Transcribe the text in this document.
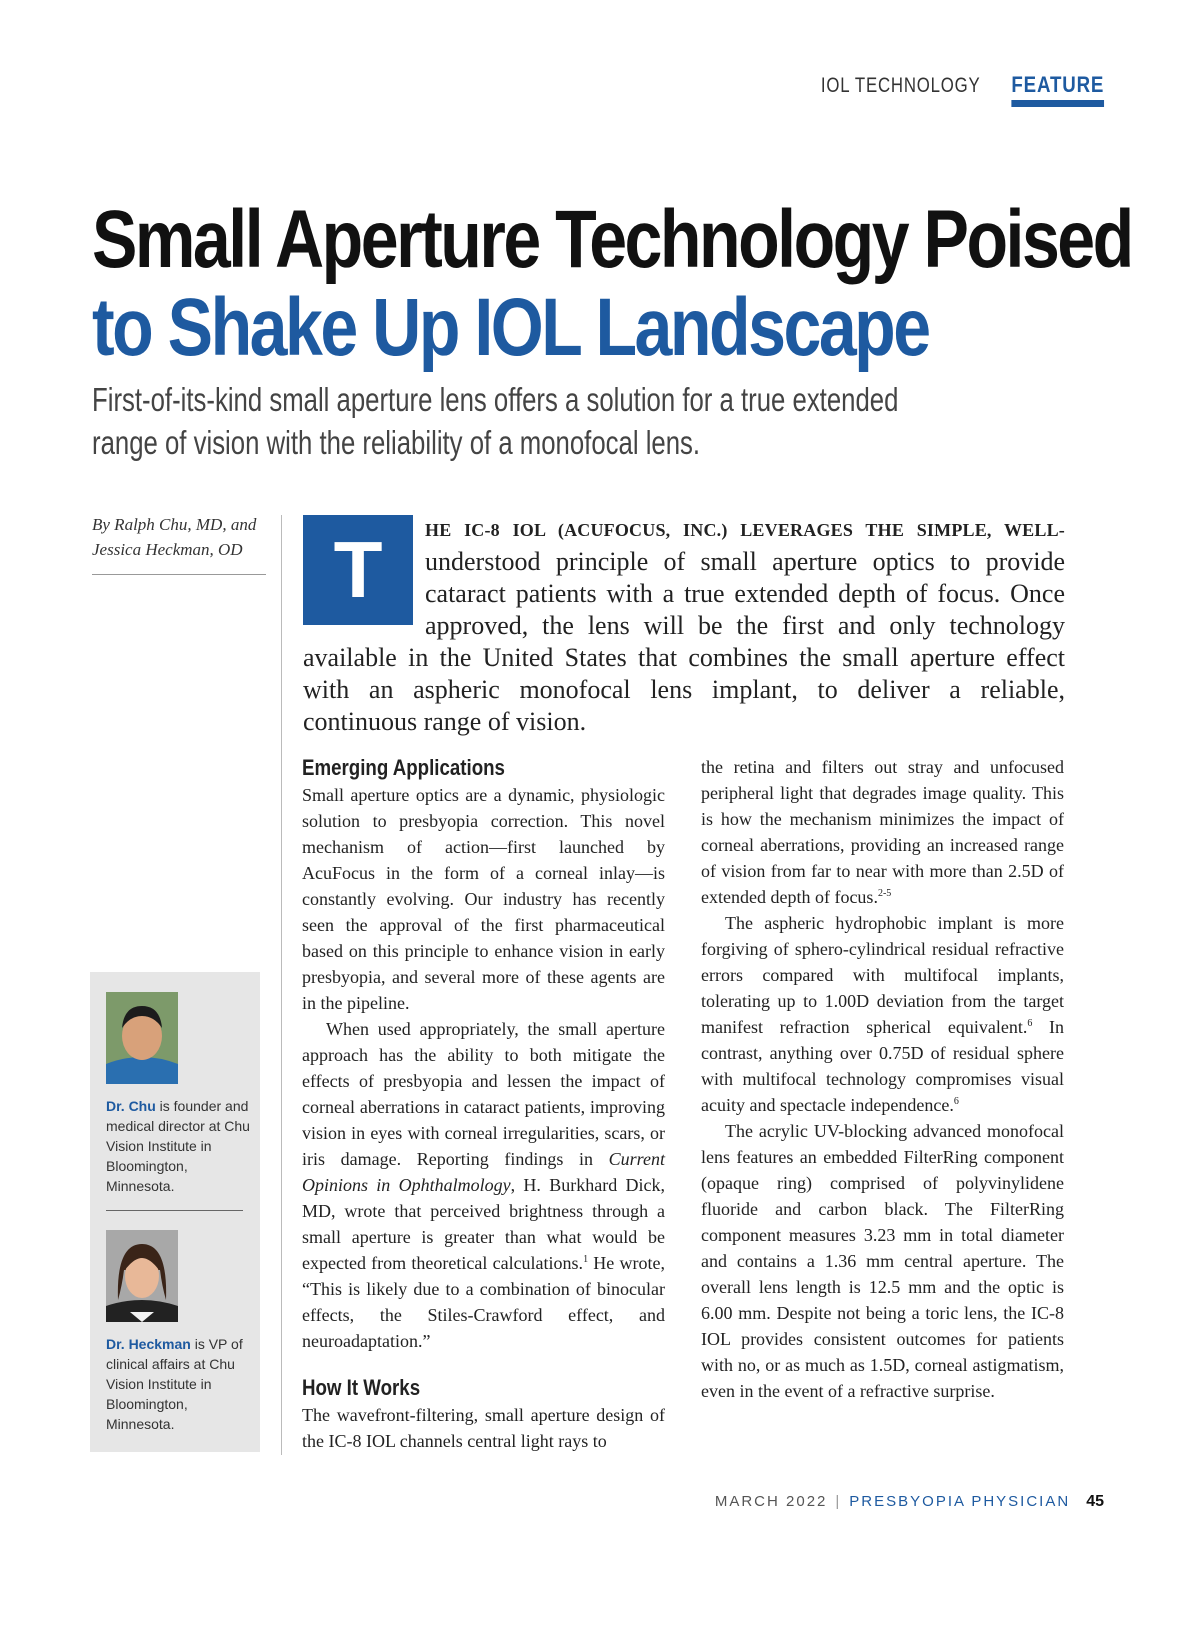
IOL TECHNOLOGY FEATURE
Small Aperture Technology Poised
to Shake Up IOL Landscape

First-of-its-kind small aperture lens offers a solution for a true extended range of vision with the reliability of a monofocal lens.

By Ralph Chu, MD, and
Jessica Heckman, OD	T	HE IC-8 IOL (ACUFOCUS, INC.) LEVERAGES THE SIMPLE, WELL- understood principle of small aperture optics to provide cataract patients with a true extended depth of focus. Once approved, the lens will be the first and only technology available in the United States that combines the small aperture effect with an aspheric monofocal lens implant, to deliver a reliable, continuous range of vision.

Emerging Applications

Small aperture optics are a dynamic, physiologic solution to presbyopia correction. This novel mechanism of action—first launched by AcuFocus in the form of a corneal inlay—is constantly evolving. Our industry has recently seen the approval of the first pharmaceutical based on this principle to enhance vision in early presbyopia, and several more of these agents are in the pipeline.

When used appropriately, the small aperture approach has the ability to both mitigate the effects of presbyopia and lessen the impact of corneal aberrations in cataract patients, improving vision in eyes with corneal irregularities, scars, or iris damage. Reporting findings in Current Opinions in Ophthalmology, H. Burkhard Dick, MD, wrote that perceived brightness through a small aperture is greater than what would be expected from theoretical calculations.$^1$ He wrote, “This is likely due to a combination of binocular effects, the Stiles-Crawford effect, and neuroadaptation.”

How It Works

The wavefront-filtering, small aperture design of the IC-8 IOL channels central light rays to

the retina and filters out stray and unfocused peripheral light that degrades image quality. This is how the mechanism minimizes the impact of corneal aberrations, providing an increased range of vision from far to near with more than 2.5D of extended depth of focus.$^{2-5}$

The aspheric hydrophobic implant is more forgiving of sphero-cylindrical residual refractive errors compared with multifocal implants, tolerating up to 1.00D deviation from the target manifest refraction spherical equivalent.$^6$ In contrast, anything over 0.75D of residual sphere with multifocal technology compromises visual acuity and spectacle independence.$^6$

The acrylic UV-blocking advanced monofocal lens features an embedded FilterRing component (opaque ring) comprised of polyvinylidene fluoride and carbon black. The FilterRing component measures 3.23 mm in total diameter and contains a 1.36 mm central aperture. The overall lens length is 12.5 mm and the optic is 6.00 mm. Despite not being a toric lens, the IC-8 IOL provides consistent outcomes for patients with no, or as much as 1.5D, corneal astigmatism, even in the event of a refractive surprise.

Dr. Chu is founder and medical director at Chu Vision Institute in Bloomington, Minnesota.

Dr. Heckman is VP of clinical affairs at Chu Vision Institute in Bloomington, Minnesota.

MARCH 2022 | PRESBYOPIA PHYSICIAN 45
